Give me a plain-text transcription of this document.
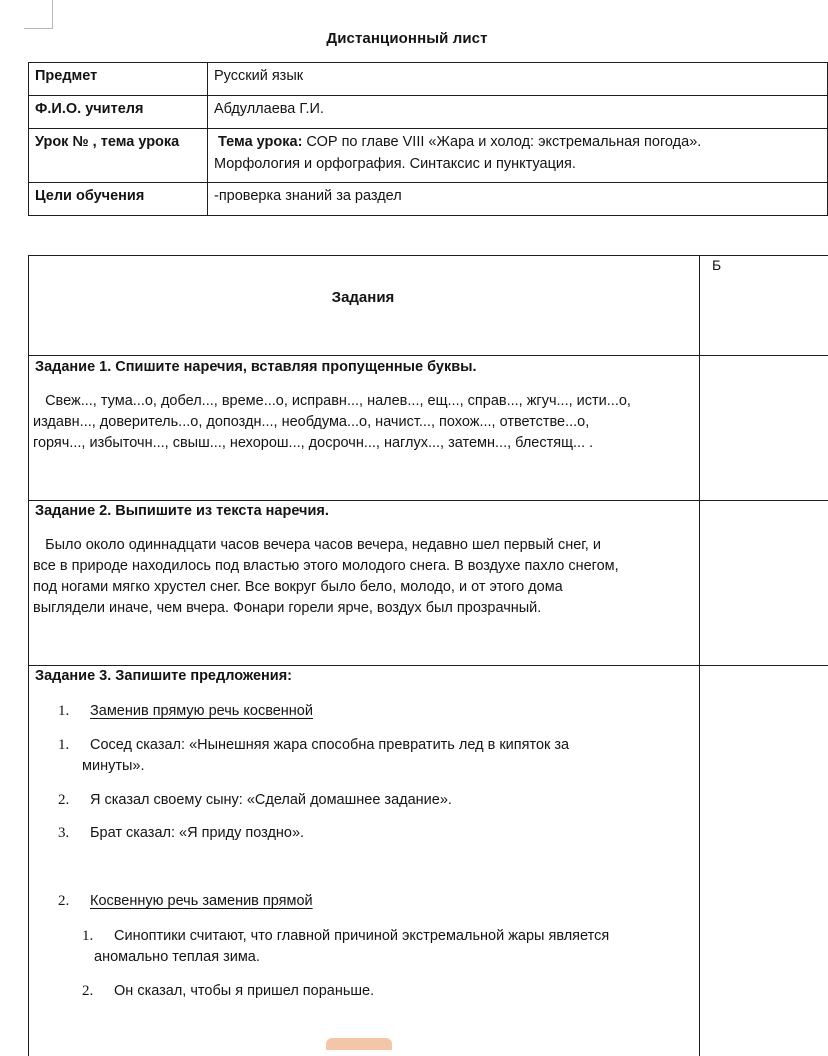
Дистанционный лист
Предмет	Русский язык
Ф.И.О. учителя	Абдуллаева Г.И.
Урок № , тема урока	Тема урока: СОР по главе VIII «Жара и холод: экстремальная погода».
Морфология и орфография. Синтаксис и пунктуация.

Цели обучения	-проверка знаний за раздел
Б
Задания
Задание 1. Спишите наречия, вставляя пропущенные буквы.
Свеж..., тума...о, добел..., време...о, исправн..., налев..., ещ..., справ..., жгуч..., исти...о,
издавн..., доверитель...о, допоздн..., необдума...о, начист..., похож..., ответстве...о,
горяч..., избыточн..., свыш..., нехорош..., досрочн..., наглух..., затемн..., блестящ... .
Задание 2. Выпишите из текста наречия.
Было около одиннадцати часов вечера часов вечера, недавно шел первый снег, и
все в природе находилось под властью этого молодого снега. В воздухе пахло снегом,
под ногами мягко хрустел снег. Все вокруг было бело, молодо, и от этого дома
выглядели иначе, чем вчера. Фонари горели ярче, воздух был прозрачный.
Задание 3. Запишите предложения:
1. Заменив прямую речь косвенной
1. Сосед сказал: «Нынешняя жара способна превратить лед в кипяток за
минуты».
2. Я сказал своему сыну: «Сделай домашнее задание».
3. Брат сказал: «Я приду поздно».
2. Косвенную речь заменив прямой
1. Синоптики считают, что главной причиной экстремальной жары является
аномально теплая зима.
2. Он сказал, чтобы я пришел пораньше.
